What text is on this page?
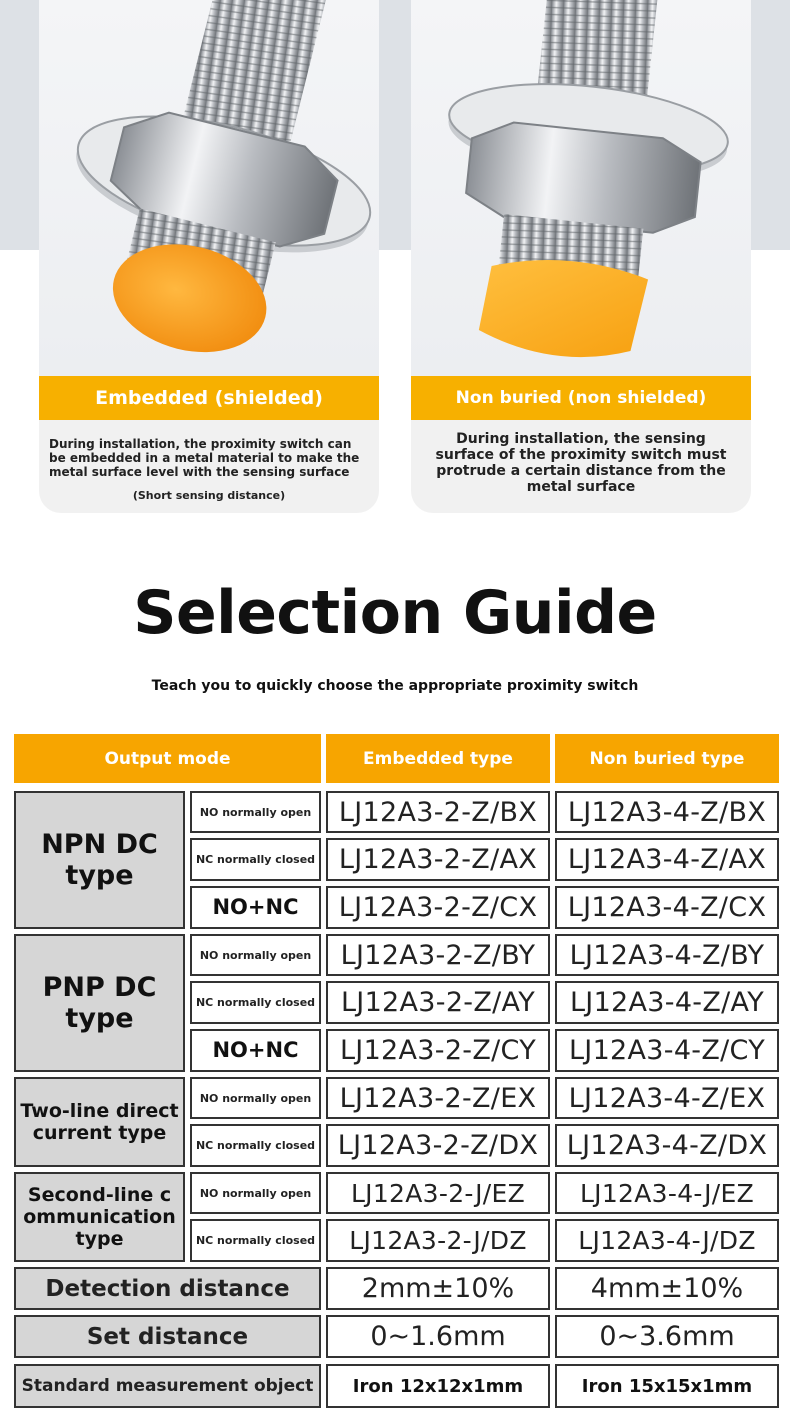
Embedded (shielded)
During installation, the proximity switch can be embedded in a metal material to make the metal surface level with the sensing surface
(Short sensing distance)
Non buried (non shielded)
During installation, the sensing surface of the proximity switch must protrude a certain distance from the metal surface
Selection Guide
Teach you to quickly choose the appropriate proximity switch
Output mode	Embedded type	Non buried type
NPN DC type
NO normally open	LJ12A3-2-Z/BX	LJ12A3-4-Z/BX
NC normally closed LJ12A3-2-Z/AX	LJ12A3-4-Z/AX
NO+NC	LJ12A3-2-Z/CX	LJ12A3-4-Z/CX
PNP DC type
NO normally open	LJ12A3-2-Z/BY	LJ12A3-4-Z/BY
NC normally closed LJ12A3-2-Z/AY	LJ12A3-4-Z/AY
NO+NC	LJ12A3-2-Z/CY	LJ12A3-4-Z/CY
Two-line direct current type
NO normally open	LJ12A3-2-Z/EX	LJ12A3-4-Z/EX
NC normally closed LJ12A3-2-Z/DX	LJ12A3-4-Z/DX
Second-line communication type
NO normally open	LJ12A3-2-J/EZ	LJ12A3-4-J/EZ
NC normally closed	LJ12A3-2-J/DZ	LJ12A3-4-J/DZ
Detection distance	2mm±10%	4mm±10%
Set distance	0~1.6mm	0~3.6mm
Standard measurement object	Iron 12x12x1mm	Iron 15x15x1mm
